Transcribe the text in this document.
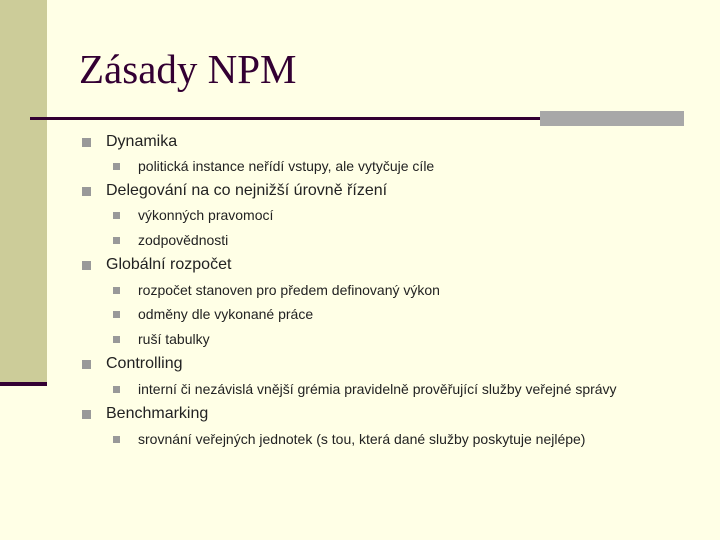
Zásady NPM
Dynamika
politická instance neřídí vstupy, ale vytyčuje cíle
Delegování na co nejnižší úrovně řízení
výkonných pravomocí
zodpovědnosti
Globální rozpočet
rozpočet stanoven pro předem definovaný výkon
odměny dle vykonané práce
ruší tabulky
Controlling
interní či nezávislá vnější grémia pravidelně prověřující služby veřejné správy
Benchmarking
srovnání veřejných jednotek (s tou, která dané služby poskytuje nejlépe)
